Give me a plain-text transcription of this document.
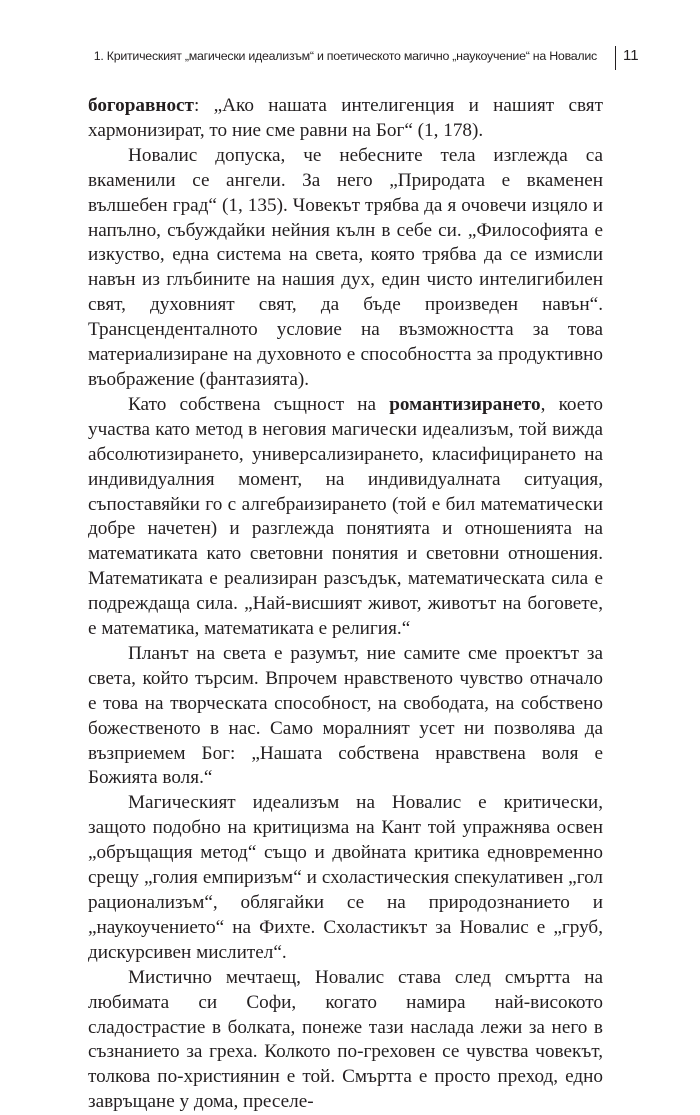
1. Критическият „магически идеализъм“ и поетическото магично „наукоучение“ на Новалис 11

богоравност: „Ако нашата интелигенция и нашият свят хармонизират, то ние сме равни на Бог“ (1, 178).

Новалис допуска, че небесните тела изглежда са вкаменили се ангели. За него „Природата е вкаменен вълшебен град“ (1, 135). Човекът трябва да я очовечи изцяло и напълно, събуждайки нейния кълн в себе си. „Философията е изкуство, една система на света, която трябва да се измисли навън из глъбините на нашия дух, един чисто интелигибилен свят, духовният свят, да бъде произведен навън“. Трансценденталното условие на възможността за това материализиране на духовното е способността за продуктивно въображение (фантазията).

Като собствена същност на романтизирането, което участва като метод в неговия магически идеализъм, той вижда абсолютизирането, универсализирането, класифицирането на индивидуалния момент, на индивидуалната ситуация, съпоставяйки го с алгебраизирането (той е бил математически добре начетен) и разглежда понятията и отношенията на математиката като световни понятия и световни отношения. Математиката е реализиран разсъдък, математическата сила е подреждаща сила. „Най-висшият живот, животът на боговете, е математика, математиката е религия.“

Планът на света е разумът, ние самите сме проектът за света, който търсим. Впрочем нравственото чувство отначало е това на творческата способност, на свободата, на собствено божественото в нас. Само моралният усет ни позволява да възприемем Бог: „Нашата собствена нравствена воля е Божията воля.“

Магическият идеализъм на Новалис е критически, защото подобно на критицизма на Кант той упражнява освен „обръщащия метод“ също и двойната критика едновременно срещу „голия емпиризъм“ и схоластическия спекулативен „гол рационализъм“, облягайки се на природознанието и „наукоучението“ на Фихте. Схоластикът за Новалис е „груб, дискурсивен мислител“.

Мистично мечтаещ, Новалис става след смъртта на любимата си Софи, когато намира най-високото сладострастие в болката, понеже тази наслада лежи за него в съзнанието за греха. Колкото по-греховен се чувства човекът, толкова по-християнин е той. Смъртта е просто преход, едно завръщане у дома, преселе-
